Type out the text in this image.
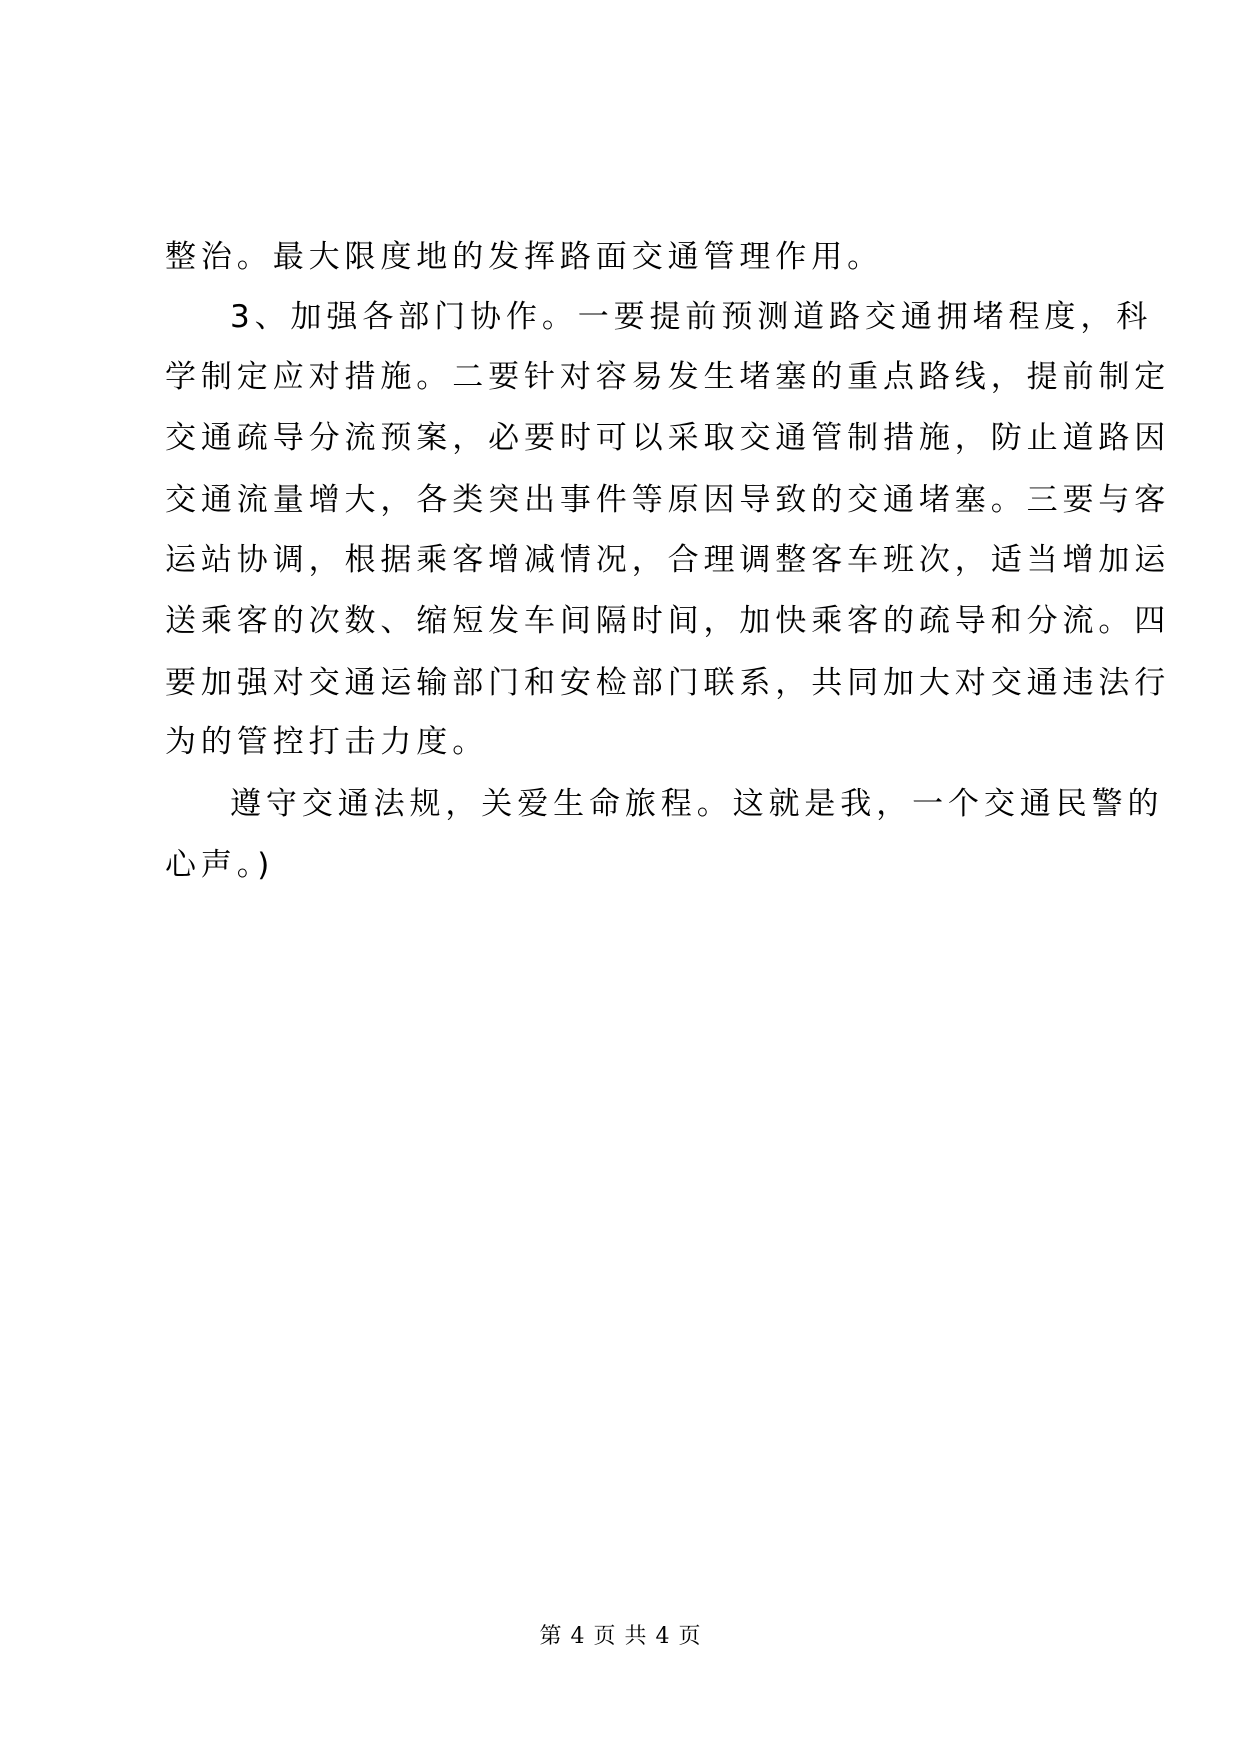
整治。最大限度地的发挥路面交通管理作用。
3、加强各部门协作。一要提前预测道路交通拥堵程度，科
学制定应对措施。二要针对容易发生堵塞的重点路线，提前制定
交通疏导分流预案，必要时可以采取交通管制措施，防止道路因
交通流量增大，各类突出事件等原因导致的交通堵塞。三要与客
运站协调，根据乘客增减情况，合理调整客车班次，适当增加运
送乘客的次数、缩短发车间隔时间，加快乘客的疏导和分流。四
要加强对交通运输部门和安检部门联系，共同加大对交通违法行
为的管控打击力度。
遵守交通法规，关爱生命旅程。这就是我，一个交通民警的
心声。)
第 4 页 共 4 页
